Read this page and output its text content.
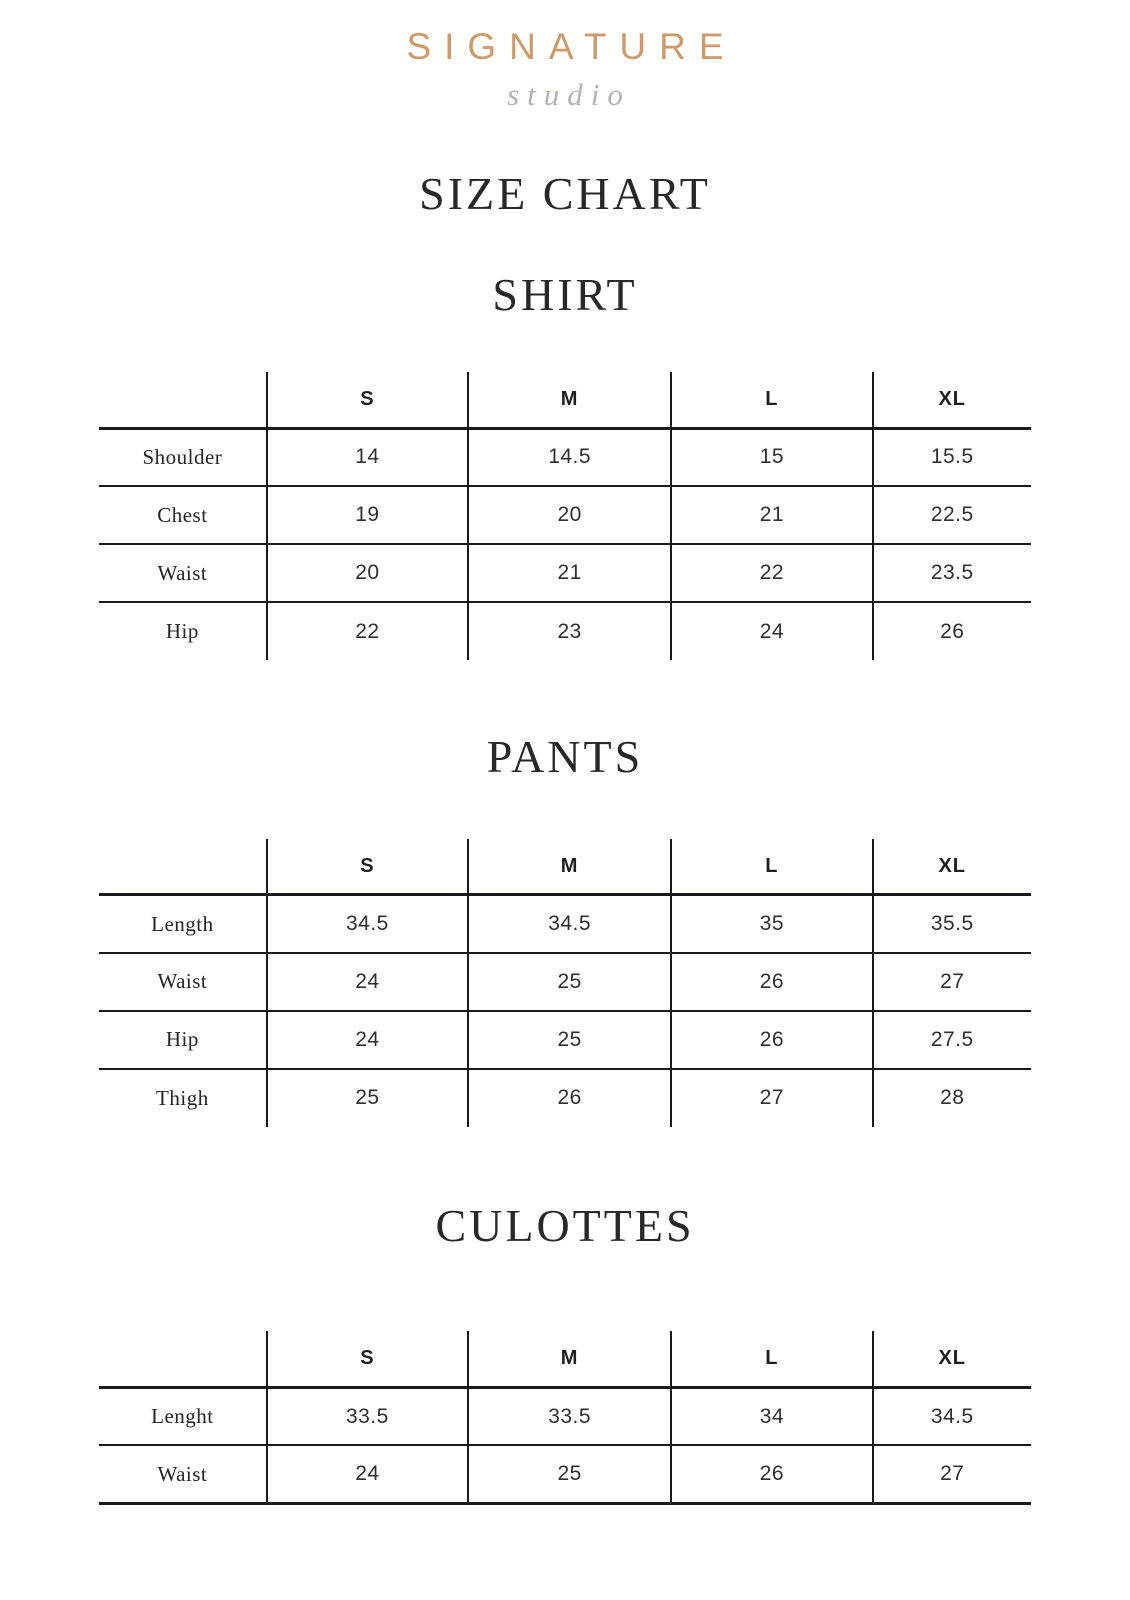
SIGNATURE
studio
SIZE CHART
SHIRT
	S	M	L	XL
Shoulder	14	14.5	15	15.5
Chest	19	20	21	22.5
Waist	20	21	22	23.5
Hip	22	23	24	26
PANTS
	S	M	L	XL
Length	34.5	34.5	35	35.5
Waist	24	25	26	27
Hip	24	25	26	27.5
Thigh	25	26	27	28
CULOTTES
	S	M	L	XL
Lenght	33.5	33.5	34	34.5
Waist	24	25	26	27
